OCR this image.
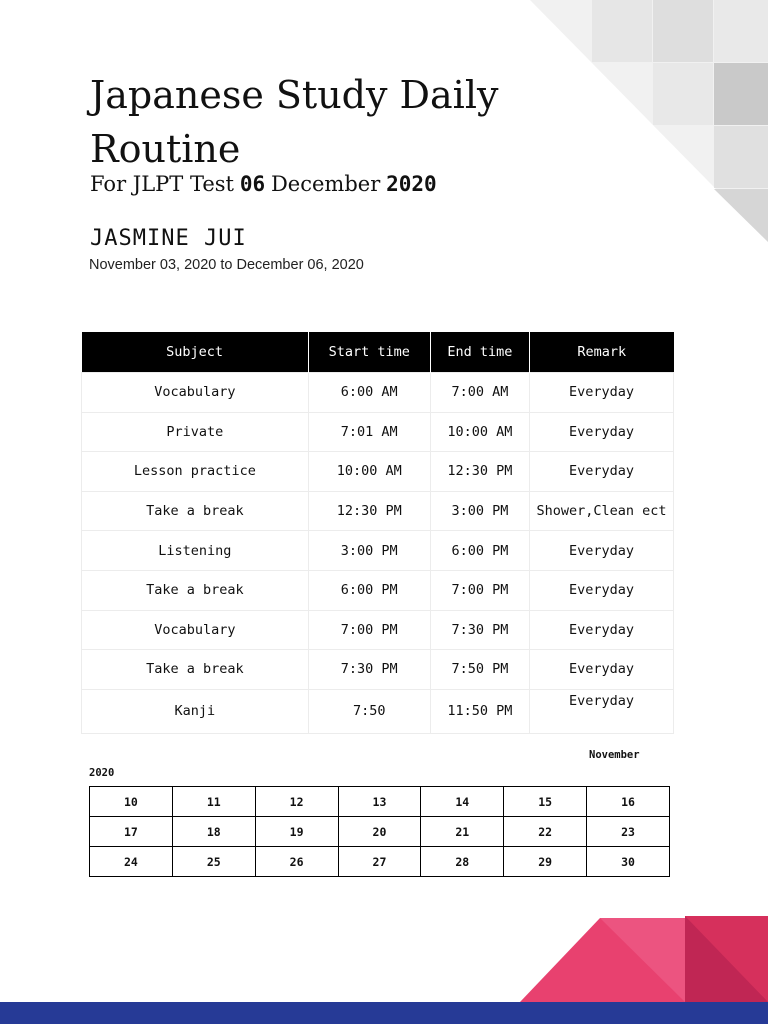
Japanese Study Daily Routine
For JLPT Test 06 December 2020
JASMINE JUI
November 03, 2020 to December 06, 2020
Subject	Start time	End time	Remark
Vocabulary	6:00 AM	7:00 AM	Everyday
Private	7:01 AM	10:00 AM	Everyday
Lesson practice	10:00 AM	12:30 PM	Everyday
Take a break	12:30 PM	3:00 PM	Shower,Clean ect
Listening	3:00 PM	6:00 PM	Everyday
Take a break	6:00 PM	7:00 PM	Everyday
Vocabulary	7:00 PM	7:30 PM	Everyday
Take a break	7:30 PM	7:50 PM	Everyday
Kanji	7:50	11:50 PM	Everyday
November
2020
10	11	12	13	14	15	16
17	18	19	20	21	22	23
24	25	26	27	28	29	30
